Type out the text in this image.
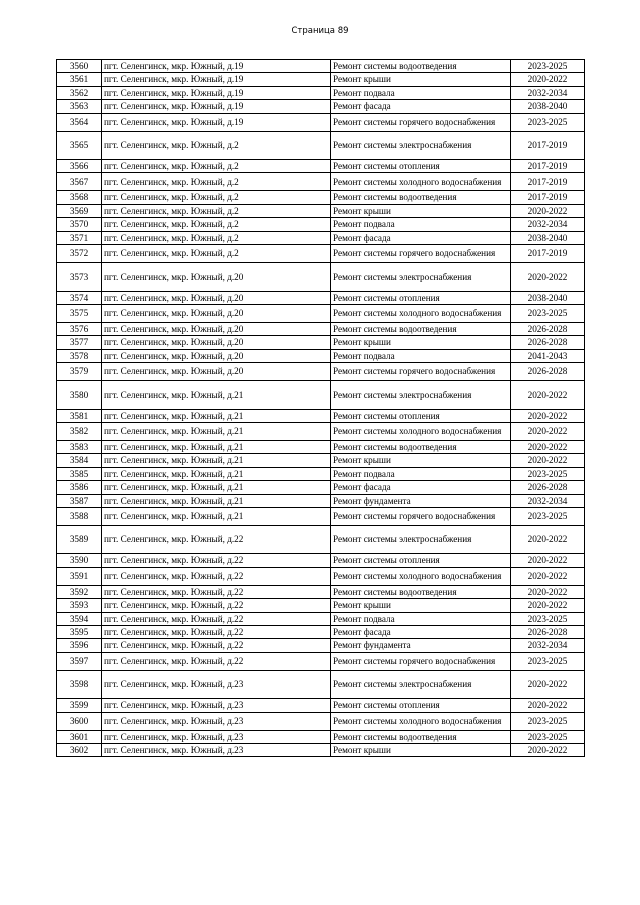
Страница 89
3560	пгт. Селенгинск, мкр. Южный, д.19	Ремонт системы водоотведения	2023-2025
3561	пгт. Селенгинск, мкр. Южный, д.19	Ремонт крыши	2020-2022
3562	пгт. Селенгинск, мкр. Южный, д.19	Ремонт подвала	2032-2034
3563	пгт. Селенгинск, мкр. Южный, д.19	Ремонт фасада	2038-2040
3564	пгт. Селенгинск, мкр. Южный, д.19	Ремонт системы горячего водоснабжения	2023-2025
3565	пгт. Селенгинск, мкр. Южный, д.2	Ремонт системы электроснабжения	2017-2019
3566	пгт. Селенгинск, мкр. Южный, д.2	Ремонт системы отопления	2017-2019
3567	пгт. Селенгинск, мкр. Южный, д.2	Ремонт системы холодного водоснабжения	2017-2019
3568	пгт. Селенгинск, мкр. Южный, д.2	Ремонт системы водоотведения	2017-2019
3569	пгт. Селенгинск, мкр. Южный, д.2	Ремонт крыши	2020-2022
3570	пгт. Селенгинск, мкр. Южный, д.2	Ремонт подвала	2032-2034
3571	пгт. Селенгинск, мкр. Южный, д.2	Ремонт фасада	2038-2040
3572	пгт. Селенгинск, мкр. Южный, д.2	Ремонт системы горячего водоснабжения	2017-2019
3573	пгт. Селенгинск, мкр. Южный, д.20	Ремонт системы электроснабжения	2020-2022
3574	пгт. Селенгинск, мкр. Южный, д.20	Ремонт системы отопления	2038-2040
3575	пгт. Селенгинск, мкр. Южный, д.20	Ремонт системы холодного водоснабжения	2023-2025
3576	пгт. Селенгинск, мкр. Южный, д.20	Ремонт системы водоотведения	2026-2028
3577	пгт. Селенгинск, мкр. Южный, д.20	Ремонт крыши	2026-2028
3578	пгт. Селенгинск, мкр. Южный, д.20	Ремонт подвала	2041-2043
3579	пгт. Селенгинск, мкр. Южный, д.20	Ремонт системы горячего водоснабжения	2026-2028
3580	пгт. Селенгинск, мкр. Южный, д.21	Ремонт системы электроснабжения	2020-2022
3581	пгт. Селенгинск, мкр. Южный, д.21	Ремонт системы отопления	2020-2022
3582	пгт. Селенгинск, мкр. Южный, д.21	Ремонт системы холодного водоснабжения	2020-2022
3583	пгт. Селенгинск, мкр. Южный, д.21	Ремонт системы водоотведения	2020-2022
3584	пгт. Селенгинск, мкр. Южный, д.21	Ремонт крыши	2020-2022
3585	пгт. Селенгинск, мкр. Южный, д.21	Ремонт подвала	2023-2025
3586	пгт. Селенгинск, мкр. Южный, д.21	Ремонт фасада	2026-2028
3587	пгт. Селенгинск, мкр. Южный, д.21	Ремонт фундамента	2032-2034
3588	пгт. Селенгинск, мкр. Южный, д.21	Ремонт системы горячего водоснабжения	2023-2025
3589	пгт. Селенгинск, мкр. Южный, д.22	Ремонт системы электроснабжения	2020-2022
3590	пгт. Селенгинск, мкр. Южный, д.22	Ремонт системы отопления	2020-2022
3591	пгт. Селенгинск, мкр. Южный, д.22	Ремонт системы холодного водоснабжения	2020-2022
3592	пгт. Селенгинск, мкр. Южный, д.22	Ремонт системы водоотведения	2020-2022
3593	пгт. Селенгинск, мкр. Южный, д.22	Ремонт крыши	2020-2022
3594	пгт. Селенгинск, мкр. Южный, д.22	Ремонт подвала	2023-2025
3595	пгт. Селенгинск, мкр. Южный, д.22	Ремонт фасада	2026-2028
3596	пгт. Селенгинск, мкр. Южный, д.22	Ремонт фундамента	2032-2034
3597	пгт. Селенгинск, мкр. Южный, д.22	Ремонт системы горячего водоснабжения	2023-2025
3598	пгт. Селенгинск, мкр. Южный, д.23	Ремонт системы электроснабжения	2020-2022
3599	пгт. Селенгинск, мкр. Южный, д.23	Ремонт системы отопления	2020-2022
3600	пгт. Селенгинск, мкр. Южный, д.23	Ремонт системы холодного водоснабжения	2023-2025
3601	пгт. Селенгинск, мкр. Южный, д.23	Ремонт системы водоотведения	2023-2025
3602	пгт. Селенгинск, мкр. Южный, д.23	Ремонт крыши	2020-2022
